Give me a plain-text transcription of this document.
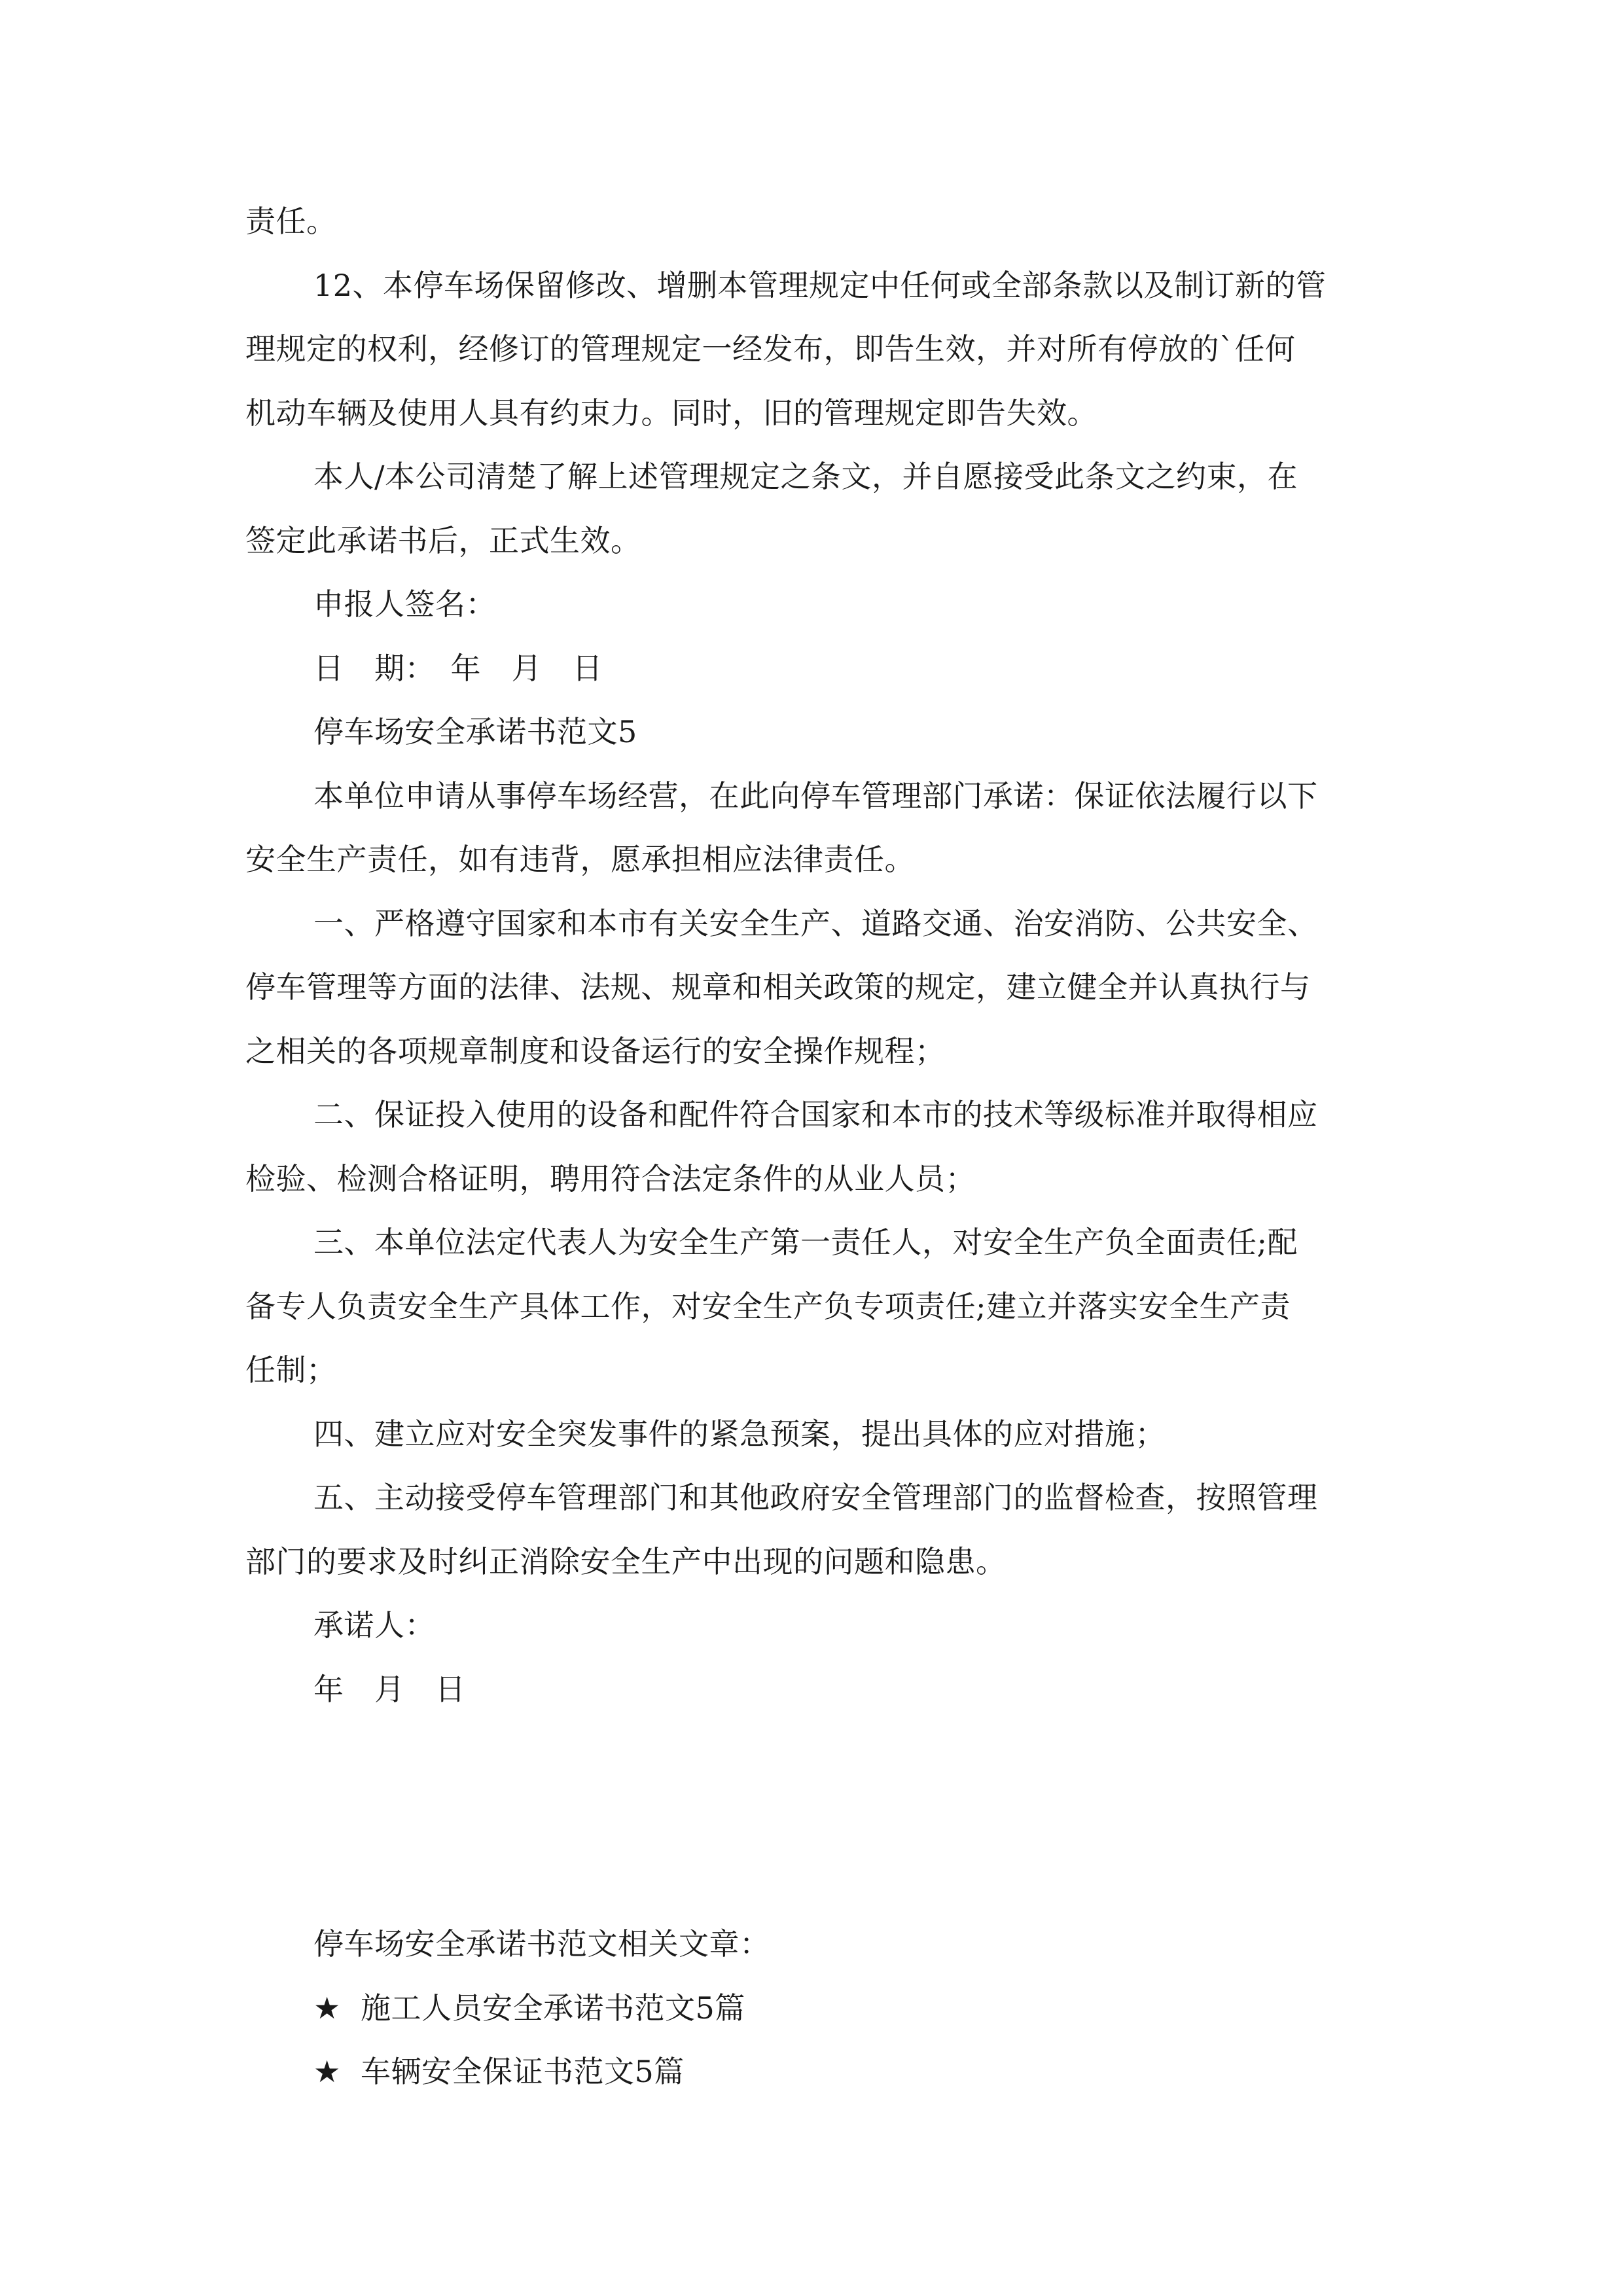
责任。
12、本停车场保留修改、增删本管理规定中任何或全部条款以及制订新的管
理规定的权利，经修订的管理规定一经发布，即告生效，并对所有停放的`任何
机动车辆及使用人具有约束力。同时，旧的管理规定即告失效。
本人/本公司清楚了解上述管理规定之条文，并自愿接受此条文之约束，在
签定此承诺书后，正式生效。
申报人签名：
日　期：　年　月　日
停车场安全承诺书范文5
本单位申请从事停车场经营，在此向停车管理部门承诺：保证依法履行以下
安全生产责任，如有违背，愿承担相应法律责任。
一、严格遵守国家和本市有关安全生产、道路交通、治安消防、公共安全、
停车管理等方面的法律、法规、规章和相关政策的规定，建立健全并认真执行与
之相关的各项规章制度和设备运行的安全操作规程；
二、保证投入使用的设备和配件符合国家和本市的技术等级标准并取得相应
检验、检测合格证明，聘用符合法定条件的从业人员；
三、本单位法定代表人为安全生产第一责任人，对安全生产负全面责任;配
备专人负责安全生产具体工作，对安全生产负专项责任;建立并落实安全生产责
任制；
四、建立应对安全突发事件的紧急预案，提出具体的应对措施；
五、主动接受停车管理部门和其他政府安全管理部门的监督检查，按照管理
部门的要求及时纠正消除安全生产中出现的问题和隐患。
承诺人：
年　月　日
停车场安全承诺书范文相关文章：
★ 施工人员安全承诺书范文5篇
★ 车辆安全保证书范文5篇
